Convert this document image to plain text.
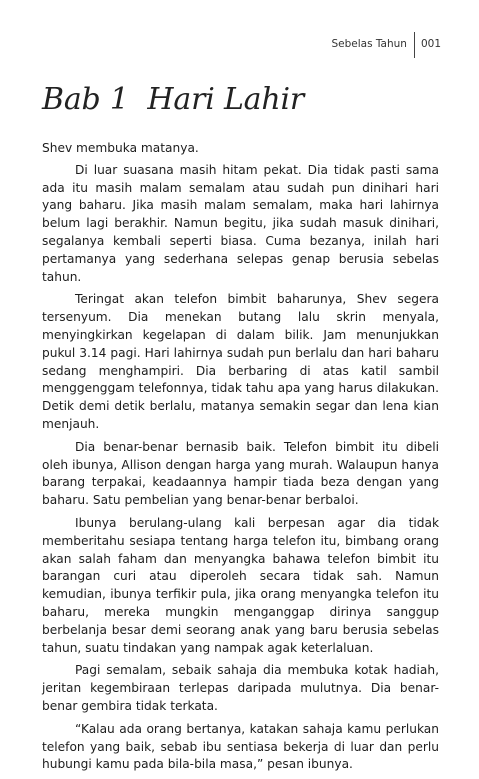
Sebelas Tahun	001
Bab 1  Hari Lahir

Shev membuka matanya.

Di luar suasana masih hitam pekat. Dia tidak pasti sama ada itu masih malam semalam atau sudah pun dinihari hari yang baharu. Jika masih malam semalam, maka hari lahirnya belum lagi berakhir. Namun begitu, jika sudah masuk dinihari, segalanya kembali seperti biasa. Cuma bezanya, inilah hari pertamanya yang sederhana selepas genap berusia sebelas tahun.

Teringat akan telefon bimbit baharunya, Shev segera tersenyum. Dia menekan butang lalu skrin menyala, menyingkirkan kegelapan di dalam bilik. Jam menunjukkan pukul 3.14 pagi. Hari lahirnya sudah pun berlalu dan hari baharu sedang menghampiri. Dia berbaring di atas katil sambil menggenggam telefonnya, tidak tahu apa yang harus dilakukan. Detik demi detik berlalu, matanya semakin segar dan lena kian menjauh.

Dia benar-benar bernasib baik. Telefon bimbit itu dibeli oleh ibunya, Allison dengan harga yang murah. Walaupun hanya barang terpakai, keadaannya hampir tiada beza dengan yang baharu. Satu pembelian yang benar-benar berbaloi.

Ibunya berulang-ulang kali berpesan agar dia tidak memberitahu sesiapa tentang harga telefon itu, bimbang orang akan salah faham dan menyangka bahawa telefon bimbit itu barangan curi atau diperoleh secara tidak sah. Namun kemudian, ibunya terfikir pula, jika orang menyangka telefon itu baharu, mereka mungkin menganggap dirinya sanggup berbelanja besar demi seorang anak yang baru berusia sebelas tahun, suatu tindakan yang nampak agak keterlaluan.

Pagi semalam, sebaik sahaja dia membuka kotak hadiah, jeritan kegembiraan terlepas daripada mulutnya. Dia benar-benar gembira tidak terkata.

“Kalau ada orang bertanya, katakan sahaja kamu perlukan telefon yang baik, sebab ibu sentiasa bekerja di luar dan perlu hubungi kamu pada bila-bila masa,” pesan ibunya.
